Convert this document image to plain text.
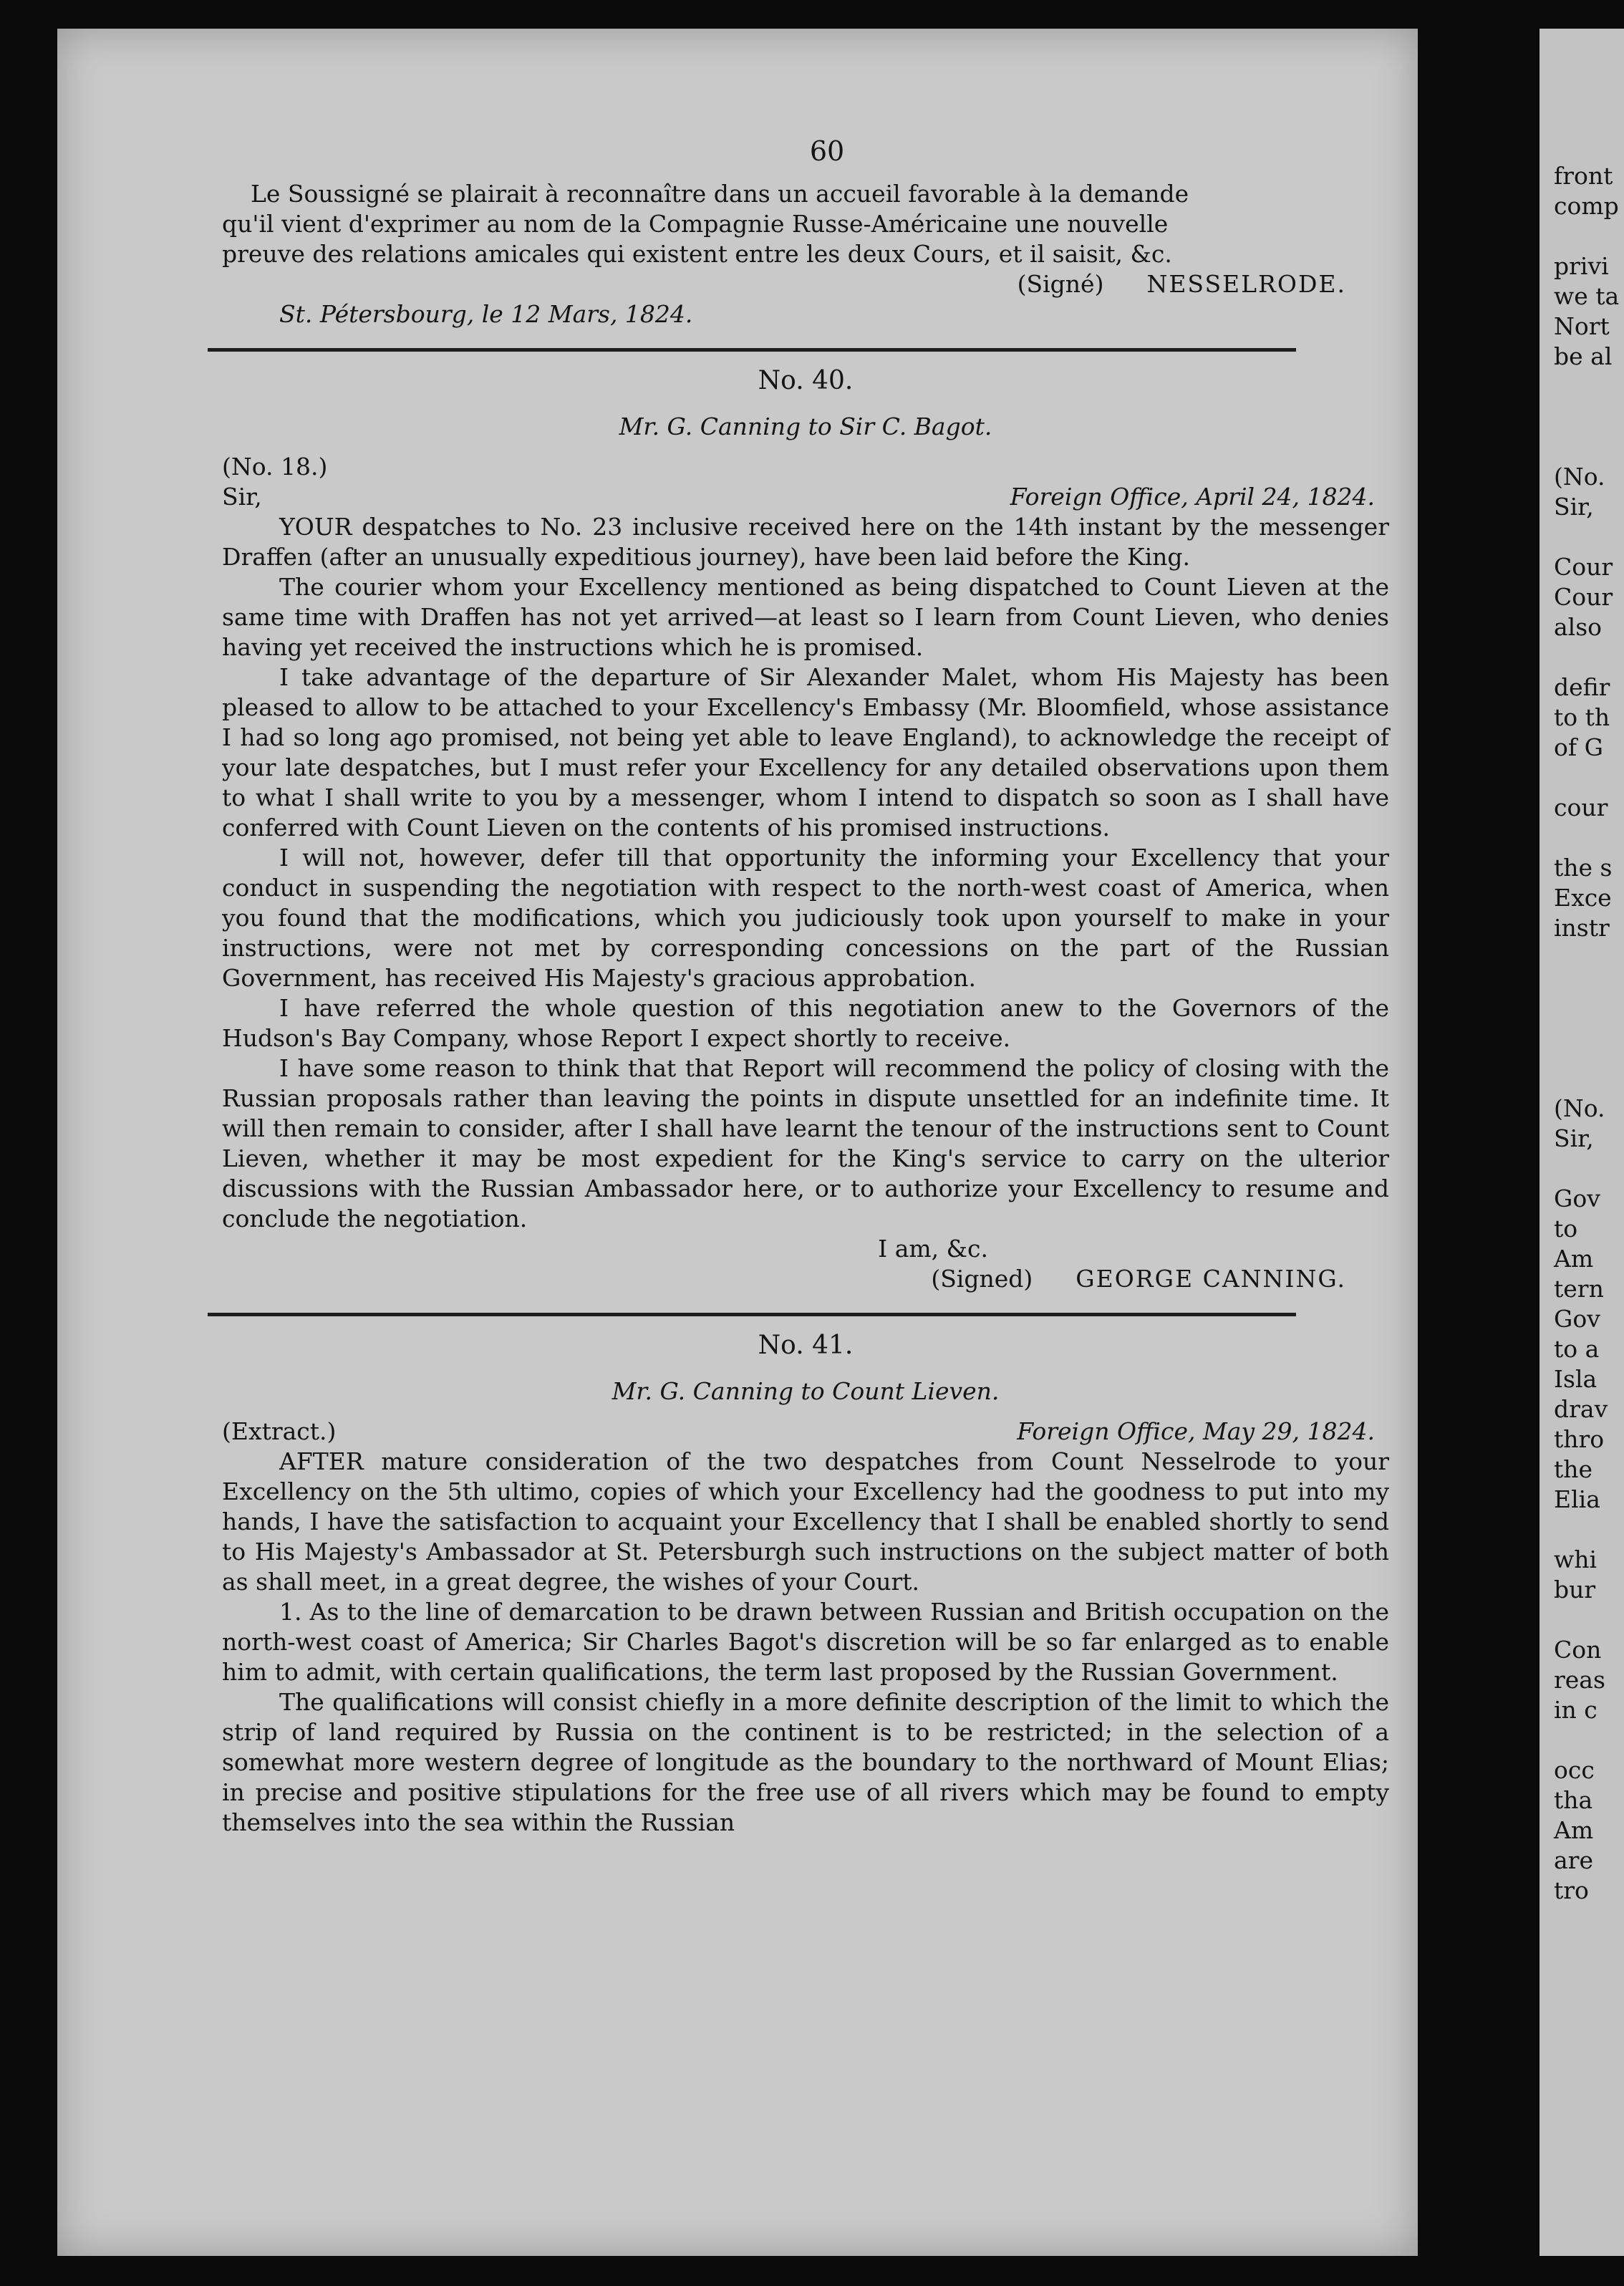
60

Le Soussigné se plairait à reconnaître dans un accueil favorable à la demande

qu'il vient d'exprimer au nom de la Compagnie Russe-Américaine une nouvelle

preuve des relations amicales qui existent entre les deux Cours, et il saisit, &c.

(Signé) NESSELRODE.

St. Pétersbourg, le 12 Mars, 1824.

No. 40.
Mr. G. Canning to Sir C. Bagot.

(No. 18.)

Sir,	Foreign Office, April 24, 1824.

YOUR despatches to No. 23 inclusive received here on the 14th instant by the messenger Draffen (after an unusually expeditious journey), have been laid before the King.

The courier whom your Excellency mentioned as being dispatched to Count Lieven at the same time with Draffen has not yet arrived—at least so I learn from Count Lieven, who denies having yet received the instructions which he is promised.

I take advantage of the departure of Sir Alexander Malet, whom His Majesty has been pleased to allow to be attached to your Excellency's Embassy (Mr. Bloomfield, whose assistance I had so long ago promised, not being yet able to leave England), to acknowledge the receipt of your late despatches, but I must refer your Excellency for any detailed observations upon them to what I shall write to you by a messenger, whom I intend to dispatch so soon as I shall have conferred with Count Lieven on the contents of his promised instructions.

I will not, however, defer till that opportunity the informing your Excellency that your conduct in suspending the negotiation with respect to the north-west coast of America, when you found that the modifications, which you judiciously took upon yourself to make in your instructions, were not met by corresponding concessions on the part of the Russian Government, has received His Majesty's gracious approbation.

I have referred the whole question of this negotiation anew to the Governors of the Hudson's Bay Company, whose Report I expect shortly to receive.

I have some reason to think that that Report will recommend the policy of closing with the Russian proposals rather than leaving the points in dispute unsettled for an indefinite time. It will then remain to consider, after I shall have learnt the tenour of the instructions sent to Count Lieven, whether it may be most expedient for the King's service to carry on the ulterior discussions with the Russian Ambassador here, or to authorize your Excellency to resume and conclude the negotiation.

I am, &c.

(Signed) GEORGE CANNING.
No. 41.
Mr. G. Canning to Count Lieven.
(Extract.)	Foreign Office, May 29, 1824.

AFTER mature consideration of the two despatches from Count Nesselrode to your Excellency on the 5th ultimo, copies of which your Excellency had the goodness to put into my hands, I have the satisfaction to acquaint your Excellency that I shall be enabled shortly to send to His Majesty's Ambassador at St. Petersburgh such instructions on the subject matter of both as shall meet, in a great degree, the wishes of your Court.

1. As to the line of demarcation to be drawn between Russian and British occupation on the north-west coast of America; Sir Charles Bagot's discretion will be so far enlarged as to enable him to admit, with certain qualifications, the term last proposed by the Russian Government.

The qualifications will consist chiefly in a more definite description of the limit to which the strip of land required by Russia on the continent is to be restricted; in the selection of a somewhat more western degree of longitude as the boundary to the northward of Mount Elias; in precise and positive stipulations for the free use of all rivers which may be found to empty themselves into the sea within the Russian

front
comp

privi
we ta
Nort
be al

(No.
Sir,

Cour
Cour
also

defir
to th
of G

cour

the s
Exce
instr

(No.
Sir,

Gov
to
Am
tern
Gov
to a
Isla
drav
thro
the
Elia

whi
bur

Con
reas
in c

occ
tha
Am
are
tro
